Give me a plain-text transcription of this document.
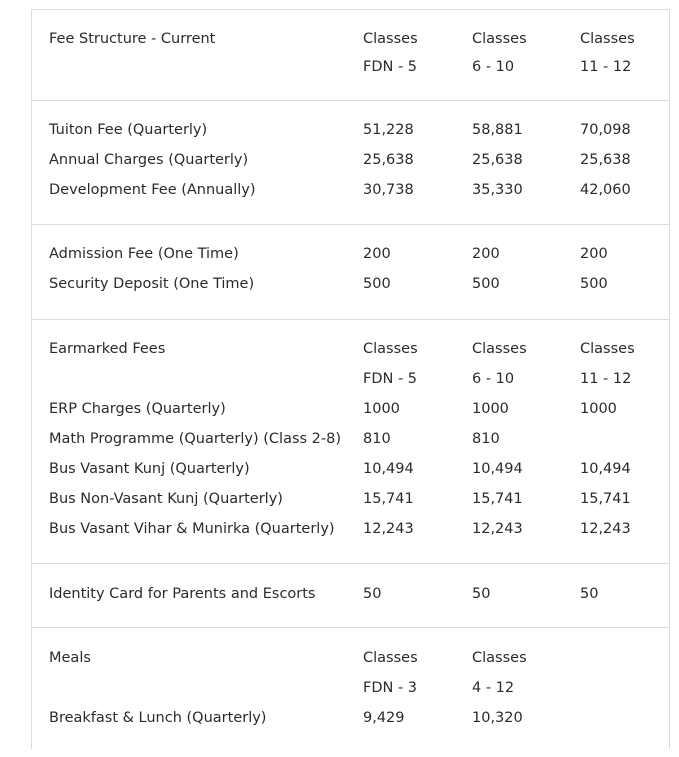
Fee Structure - Current	Classes	Classes	Classes
FDN - 5	6 - 10	11 - 12
Tuiton Fee (Quarterly)	51,228	58,881	70,098
Annual Charges (Quarterly)	25,638	25,638	25,638
Development Fee (Annually)	30,738	35,330	42,060
Admission Fee (One Time)	200	200	200
Security Deposit (One Time)	500	500	500
Earmarked Fees	Classes	Classes	Classes
FDN - 5	6 - 10	11 - 12
ERP Charges (Quarterly)	1000	1000	1000
Math Programme (Quarterly) (Class 2-8) 810	810
Bus Vasant Kunj (Quarterly)	10,494	10,494	10,494
Bus Non-Vasant Kunj (Quarterly)	15,741	15,741	15,741
Bus Vasant Vihar & Munirka (Quarterly) 12,243	12,243	12,243
Identity Card for Parents and Escorts	50	50	50
Meals	Classes	Classes
FDN - 3	4 - 12
Breakfast & Lunch (Quarterly)	9,429	10,320
